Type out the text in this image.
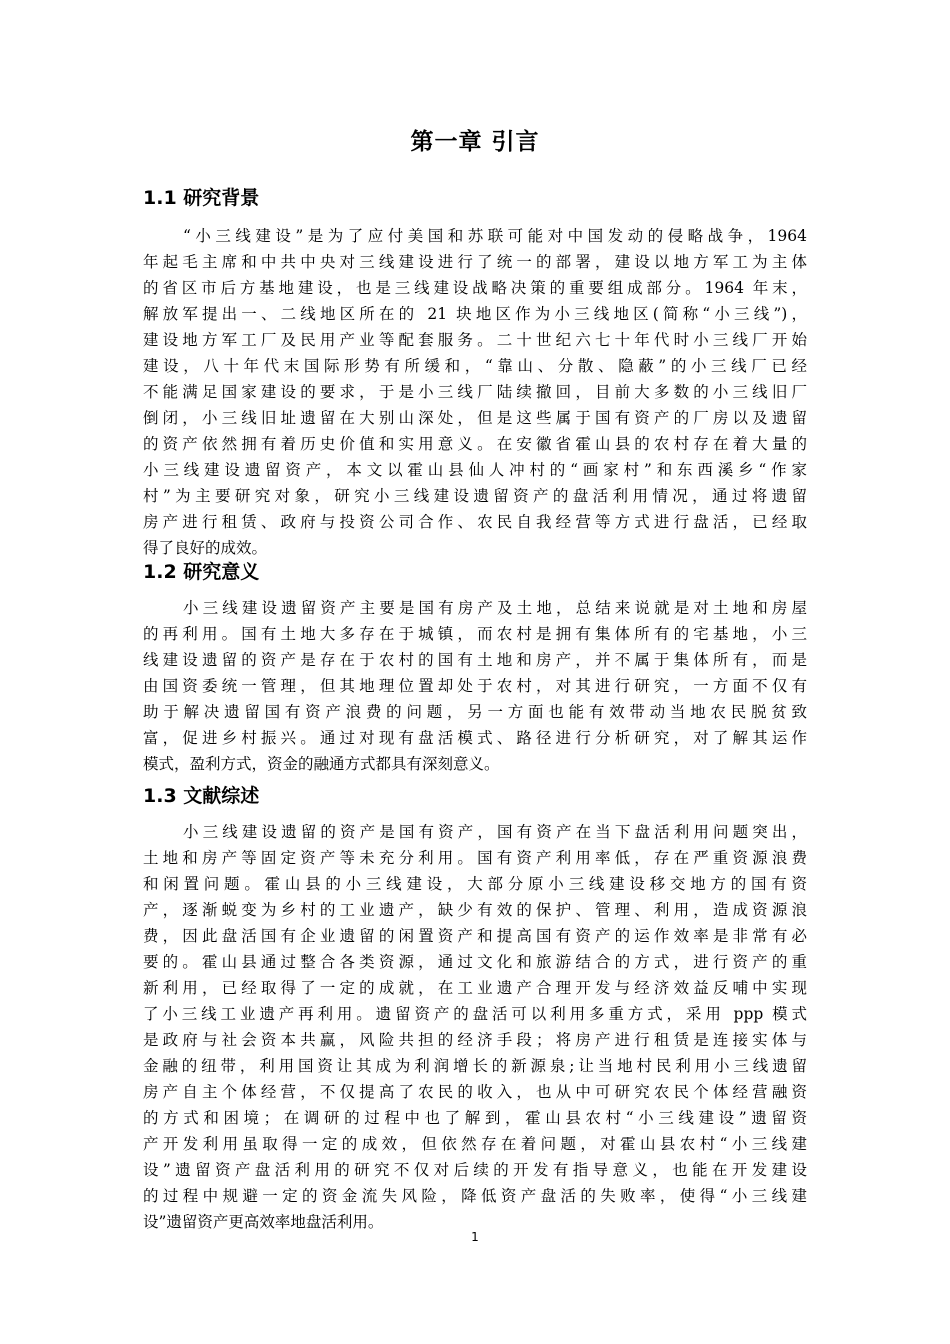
第一章 引言
1.1 研究背景
“小三线建设”是为了应付美国和苏联可能对中国发动的侵略战争，1964
年起毛主席和中共中央对三线建设进行了统一的部署，建设以地方军工为主体
的省区市后方基地建设，也是三线建设战略决策的重要组成部分。1964 年末，
解放军提出一、二线地区所在的 21 块地区作为小三线地区(简称“小三线”)，
建设地方军工厂及民用产业等配套服务。二十世纪六七十年代时小三线厂开始
建设，八十年代末国际形势有所缓和，“靠山、分散、隐蔽”的小三线厂已经
不能满足国家建设的要求，于是小三线厂陆续撤回，目前大多数的小三线旧厂
倒闭，小三线旧址遗留在大别山深处，但是这些属于国有资产的厂房以及遗留
的资产依然拥有着历史价值和实用意义。在安徽省霍山县的农村存在着大量的
小三线建设遗留资产，本文以霍山县仙人冲村的“画家村”和东西溪乡“作家
村”为主要研究对象，研究小三线建设遗留资产的盘活利用情况，通过将遗留
房产进行租赁、政府与投资公司合作、农民自我经营等方式进行盘活，已经取
得了良好的成效。
1.2 研究意义
小三线建设遗留资产主要是国有房产及土地，总结来说就是对土地和房屋
的再利用。国有土地大多存在于城镇，而农村是拥有集体所有的宅基地，小三
线建设遗留的资产是存在于农村的国有土地和房产，并不属于集体所有，而是
由国资委统一管理，但其地理位置却处于农村，对其进行研究，一方面不仅有
助于解决遗留国有资产浪费的问题，另一方面也能有效带动当地农民脱贫致
富，促进乡村振兴。通过对现有盘活模式、路径进行分析研究，对了解其运作
模式，盈利方式，资金的融通方式都具有深刻意义。
1.3 文献综述
小三线建设遗留的资产是国有资产，国有资产在当下盘活利用问题突出，
土地和房产等固定资产等未充分利用。国有资产利用率低，存在严重资源浪费
和闲置问题。霍山县的小三线建设，大部分原小三线建设移交地方的国有资
产，逐渐蜕变为乡村的工业遗产，缺少有效的保护、管理、利用，造成资源浪
费，因此盘活国有企业遗留的闲置资产和提高国有资产的运作效率是非常有必
要的。霍山县通过整合各类资源，通过文化和旅游结合的方式，进行资产的重
新利用，已经取得了一定的成就，在工业遗产合理开发与经济效益反哺中实现
了小三线工业遗产再利用。遗留资产的盘活可以利用多重方式，采用 ppp 模式
是政府与社会资本共赢，风险共担的经济手段；将房产进行租赁是连接实体与
金融的纽带，利用国资让其成为利润增长的新源泉;让当地村民利用小三线遗留
房产自主个体经营，不仅提高了农民的收入，也从中可研究农民个体经营融资
的方式和困境；在调研的过程中也了解到，霍山县农村“小三线建设”遗留资
产开发利用虽取得一定的成效，但依然存在着问题，对霍山县农村“小三线建
设”遗留资产盘活利用的研究不仅对后续的开发有指导意义，也能在开发建设
的过程中规避一定的资金流失风险，降低资产盘活的失败率，使得“小三线建
设”遗留资产更高效率地盘活利用。
1
